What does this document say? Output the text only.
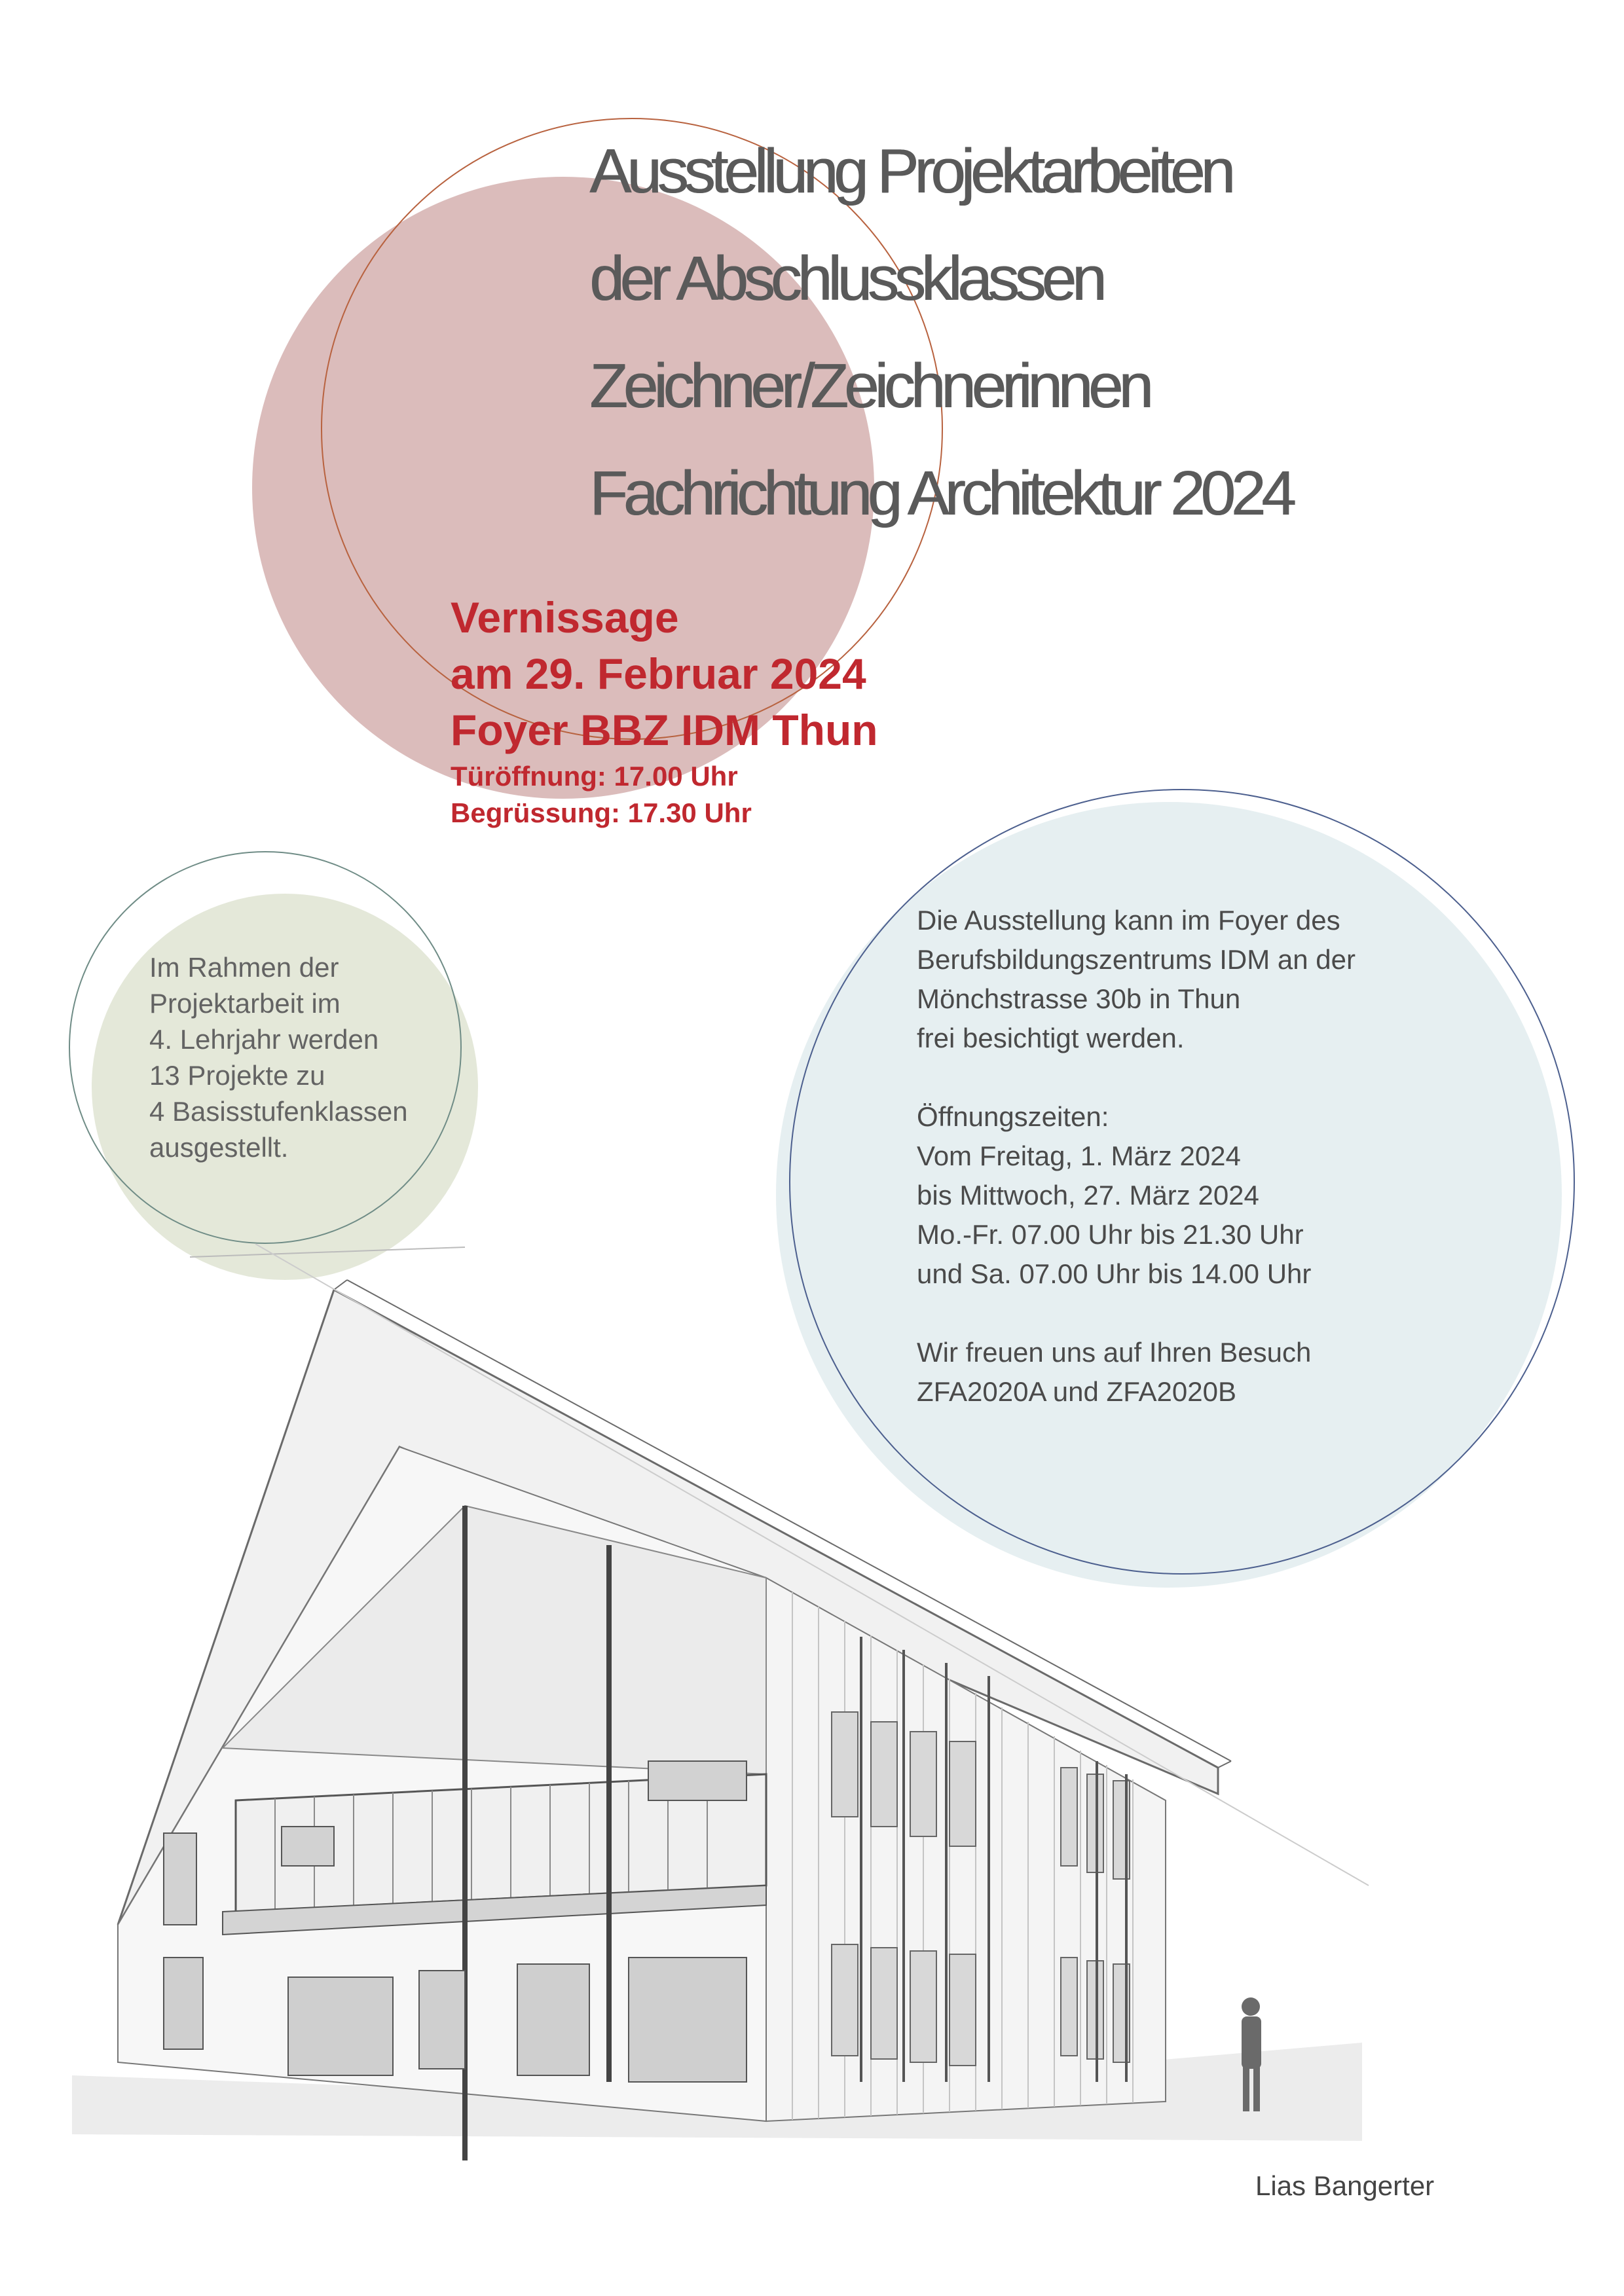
Ausstellung Projektarbeiten
der Abschlussklassen
Zeichner/Zeichnerinnen
Fachrichtung Architektur 2024
Vernissage
am 29. Februar 2024
Foyer BBZ IDM Thun
Türöffnung: 17.00 Uhr
Begrüssung: 17.30 Uhr
Im Rahmen der
Projektarbeit im
4. Lehrjahr werden
13 Projekte zu
4 Basisstufenklassen
ausgestellt.
Die Ausstellung kann im Foyer des
Berufsbildungszentrums IDM an der
Mönchstrasse 30b in Thun
frei besichtigt werden.
Öffnungszeiten:
Vom Freitag, 1. März 2024
bis Mittwoch, 27. März 2024
Mo.-Fr. 07.00 Uhr bis 21.30 Uhr
und Sa. 07.00 Uhr bis 14.00 Uhr
Wir freuen uns auf Ihren Besuch
ZFA2020A und ZFA2020B
Lias Bangerter
